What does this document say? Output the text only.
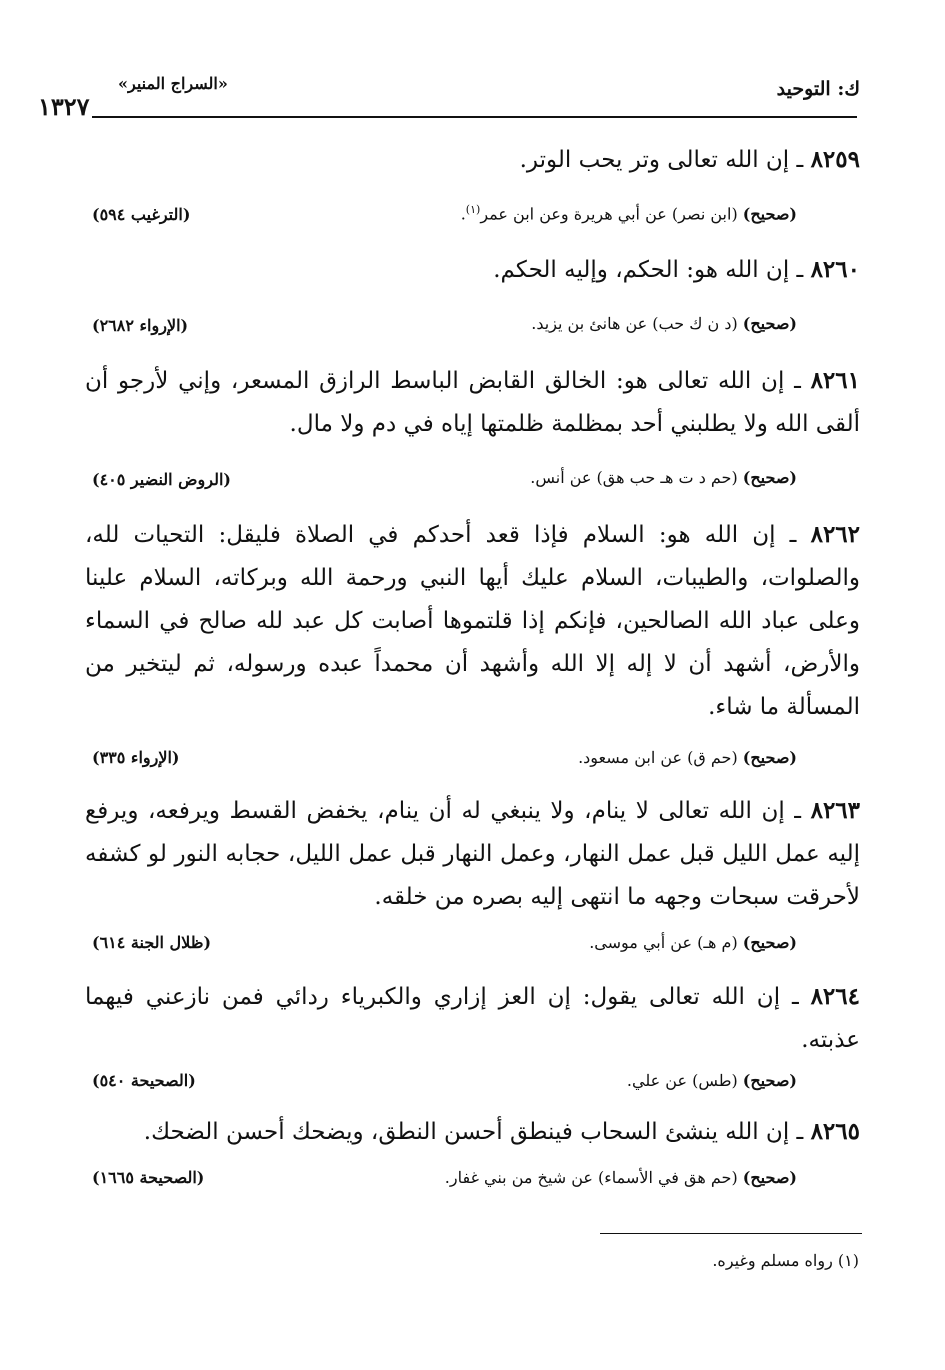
ك: التوحيد
«السراج المنير»
١٣٢٧
٨٢٥٩ ـ إن الله تعالى وتر يحب الوتر.
(صحيح) (ابن نصر) عن أبي هريرة وعن ابن عمر$^{(١)}$.
(الترغيب ٥٩٤)
٨٢٦٠ ـ إن الله هو: الحكم، وإليه الحكم.
(صحيح) (د ن ك حب) عن هانئ بن يزيد.
(الإرواء ٢٦٨٢)
٨٢٦١ ـ إن الله تعالى هو: الخالق القابض الباسط الرازق المسعر، وإني لأرجو أن ألقى الله ولا يطلبني أحد بمظلمة ظلمتها إياه في دم ولا مال.
(صحيح) (حم د ت هـ حب هق) عن أنس.
(الروض النضير ٤٠٥)
٨٢٦٢ ـ إن الله هو: السلام فإذا قعد أحدكم في الصلاة فليقل: التحيات لله، والصلوات، والطيبات، السلام عليك أيها النبي ورحمة الله وبركاته، السلام علينا وعلى عباد الله الصالحين، فإنكم إذا قلتموها أصابت كل عبد لله صالح في السماء والأرض، أشهد أن لا إله إلا الله وأشهد أن محمداً عبده ورسوله، ثم ليتخير من المسألة ما شاء.
(صحيح) (حم ق) عن ابن مسعود.
(الإرواء ٣٣٥)
٨٢٦٣ ـ إن الله تعالى لا ينام، ولا ينبغي له أن ينام، يخفض القسط ويرفعه، ويرفع إليه عمل الليل قبل عمل النهار، وعمل النهار قبل عمل الليل، حجابه النور لو كشفه لأحرقت سبحات وجهه ما انتهى إليه بصره من خلقه.
(صحيح) (م هـ) عن أبي موسى.
(ظلال الجنة ٦١٤)
٨٢٦٤ ـ إن الله تعالى يقول: إن العز إزاري والكبرياء ردائي فمن نازعني فيهما عذبته.
(صحيح) (طس) عن علي.
(الصحيحة ٥٤٠)
٨٢٦٥ ـ إن الله ينشئ السحاب فينطق أحسن النطق، ويضحك أحسن الضحك.
(صحيح) (حم هق في الأسماء) عن شيخ من بني غفار.
(الصحيحة ١٦٦٥)
(١) رواه مسلم وغيره.
